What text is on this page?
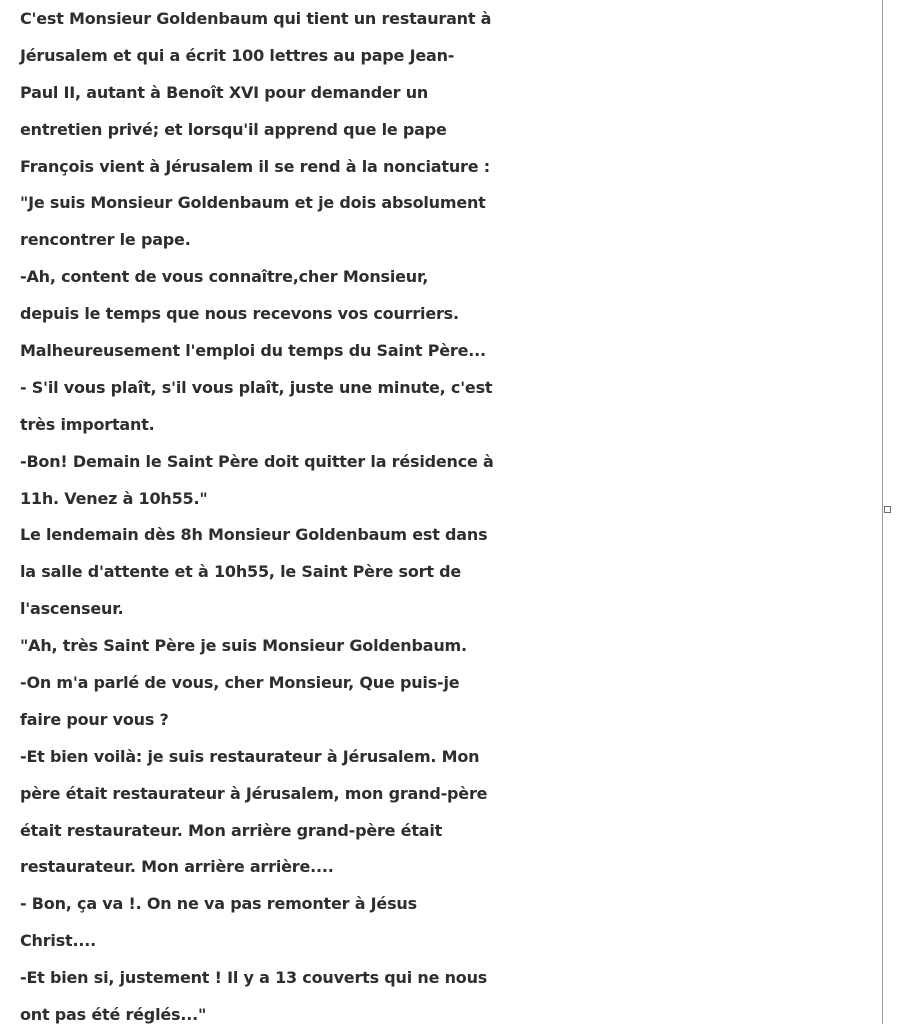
C'est Monsieur Goldenbaum qui tient un restaurant à
Jérusalem et qui a écrit 100 lettres au pape Jean-
Paul II, autant à Benoît XVI pour demander un
entretien privé; et lorsqu'il apprend que le pape
François vient à Jérusalem il se rend à la nonciature :
"Je suis Monsieur Goldenbaum et je dois absolument
rencontrer le pape.
-Ah, content de vous connaître,cher Monsieur,
depuis le temps que nous recevons vos courriers.
Malheureusement l'emploi du temps du Saint Père...
- S'il vous plaît, s'il vous plaît, juste une minute, c'est
très important.
-Bon! Demain le Saint Père doit quitter la résidence à
11h. Venez à 10h55."
Le lendemain dès 8h Monsieur Goldenbaum est dans
la salle d'attente et à 10h55, le Saint Père sort de
l'ascenseur.
"Ah, très Saint Père je suis Monsieur Goldenbaum.
-On m'a parlé de vous, cher Monsieur, Que puis-je
faire pour vous ?
-Et bien voilà: je suis restaurateur à Jérusalem. Mon
père était restaurateur à Jérusalem, mon grand-père
était restaurateur. Mon arrière grand-père était
restaurateur. Mon arrière arrière....
- Bon, ça va !. On ne va pas remonter à Jésus
Christ....
-Et bien si, justement ! Il y a 13 couverts qui ne nous
ont pas été réglés..."
